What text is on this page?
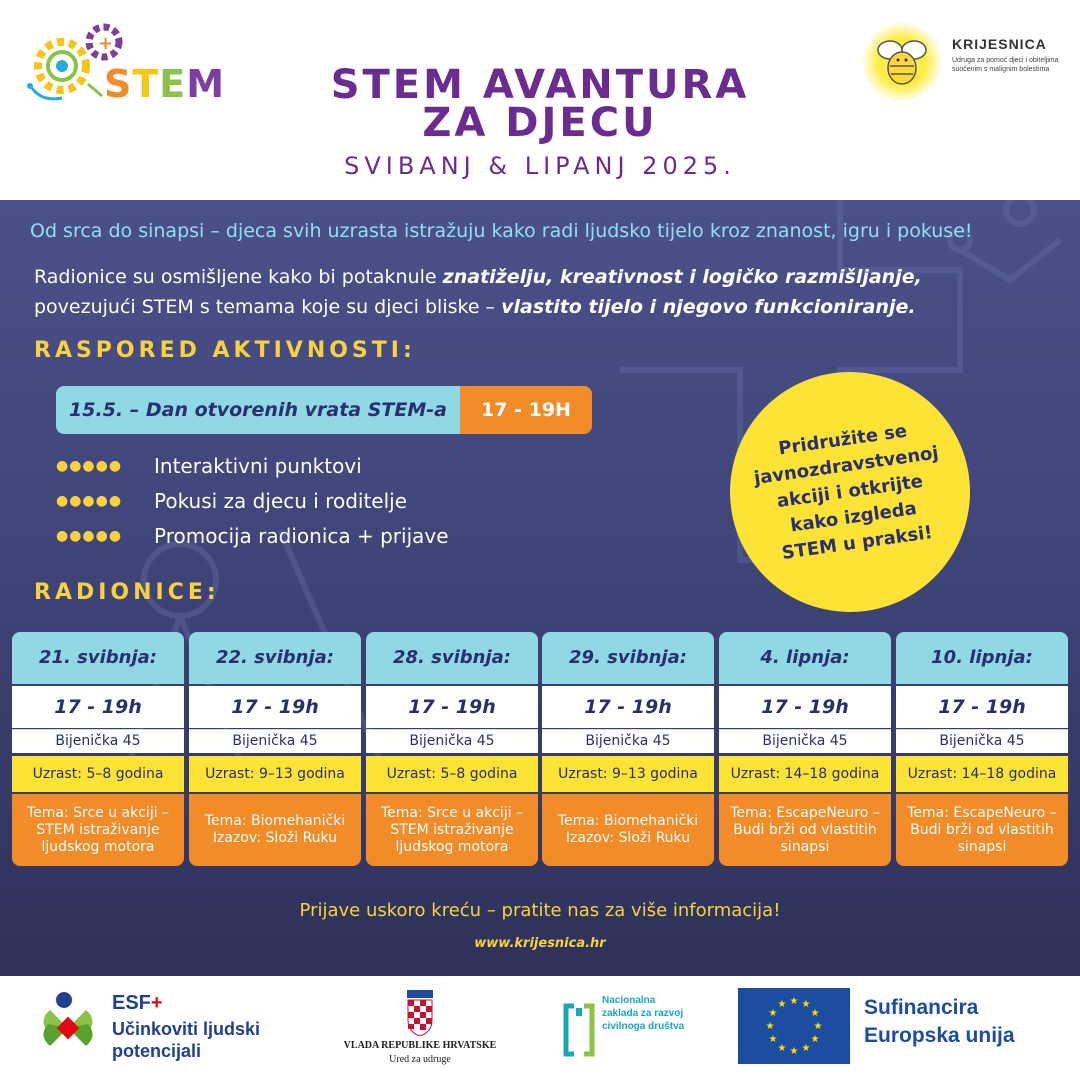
+
STEM	STEM AVANTURA
ZA DJECU
SVIBANJ & LIPANJ 2025.
KRIJESNICA
Udruga za pomoć djeci i obiteljima suočenim s malignim bolestima
Od srca do sinapsi – djeca svih uzrasta istražuju kako radi ljudsko tijelo kroz znanost, igru i pokuse!
Radionice su osmišljene kako bi potaknule znatiželju, kreativnost i logičko razmišljanje, povezujući STEM s temama koje su djeci bliske – vlastito tijelo i njegovo funkcioniranje.
RASPORED AKTIVNOSTI:
15.5. – Dan otvorenih vrata STEM-a	17 - 19H
●●●●●	Interaktivni punktovi
●●●●●	Pokusi za djecu i roditelje
●●●●●	Promocija radionica + prijave
Pridružite se javnozdravstvenoj akciji i otkrijte kako izgleda STEM u praksi!
RADIONICE:
21. svibnja:
17 - 19h
Bijenička 45
Uzrast: 5–8 godina
Tema: Srce u akciji – STEM istraživanje ljudskog motora
22. svibnja:
17 - 19h
Bijenička 45
Uzrast: 9–13 godina
Tema: Biomehanički Izazov: Složi Ruku
28. svibnja:
17 - 19h
Bijenička 45
Uzrast: 5–8 godina
Tema: Srce u akciji – STEM istraživanje ljudskog motora
29. svibnja:
17 - 19h
Bijenička 45
Uzrast: 9–13 godina
Tema: Biomehanički Izazov: Složi Ruku
4. lipnja:
17 - 19h
Bijenička 45
Uzrast: 14–18 godina
Tema: EscapeNeuro – Budi brži od vlastitih sinapsi
10. lipnja:
17 - 19h
Bijenička 45
Uzrast: 14–18 godina
Tema: EscapeNeuro – Budi brži od vlastitih sinapsi
Prijave uskoro kreću – pratite nas za više informacija!
www.krijesnica.hr
ESF+
Učinkoviti ljudski potencijali	VLADA REPUBLIKE HRVATSKE
Ured za udruge
Nacionalna zaklada za razvoj civilnoga društva
★ ★
★
★
★
★
★
★
★
★
★
★	Sufinancira
Europska unija
